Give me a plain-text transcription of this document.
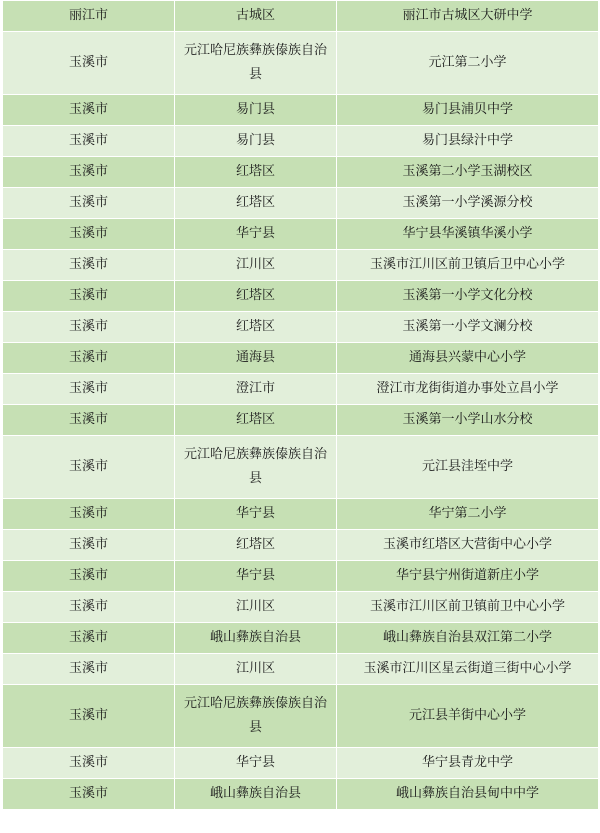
丽江市	古城区	丽江市古城区大研中学
玉溪市	元江哈尼族彝族傣族自治县	元江第二小学
玉溪市	易门县	易门县浦贝中学
玉溪市	易门县	易门县绿汁中学
玉溪市	红塔区	玉溪第二小学玉湖校区
玉溪市	红塔区	玉溪第一小学溪源分校
玉溪市	华宁县	华宁县华溪镇华溪小学
玉溪市	江川区	玉溪市江川区前卫镇后卫中心小学
玉溪市	红塔区	玉溪第一小学文化分校
玉溪市	红塔区	玉溪第一小学文澜分校
玉溪市	通海县	通海县兴蒙中心小学
玉溪市	澄江市	澄江市龙街街道办事处立昌小学
玉溪市	红塔区	玉溪第一小学山水分校
玉溪市	元江哈尼族彝族傣族自治县	元江县洼垤中学
玉溪市	华宁县	华宁第二小学
玉溪市	红塔区	玉溪市红塔区大营街中心小学
玉溪市	华宁县	华宁县宁州街道新庄小学
玉溪市	江川区	玉溪市江川区前卫镇前卫中心小学
玉溪市	峨山彝族自治县	峨山彝族自治县双江第二小学
玉溪市	江川区	玉溪市江川区星云街道三街中心小学
玉溪市	元江哈尼族彝族傣族自治县	元江县羊街中心小学
玉溪市	华宁县	华宁县青龙中学
玉溪市	峨山彝族自治县	峨山彝族自治县甸中中学
